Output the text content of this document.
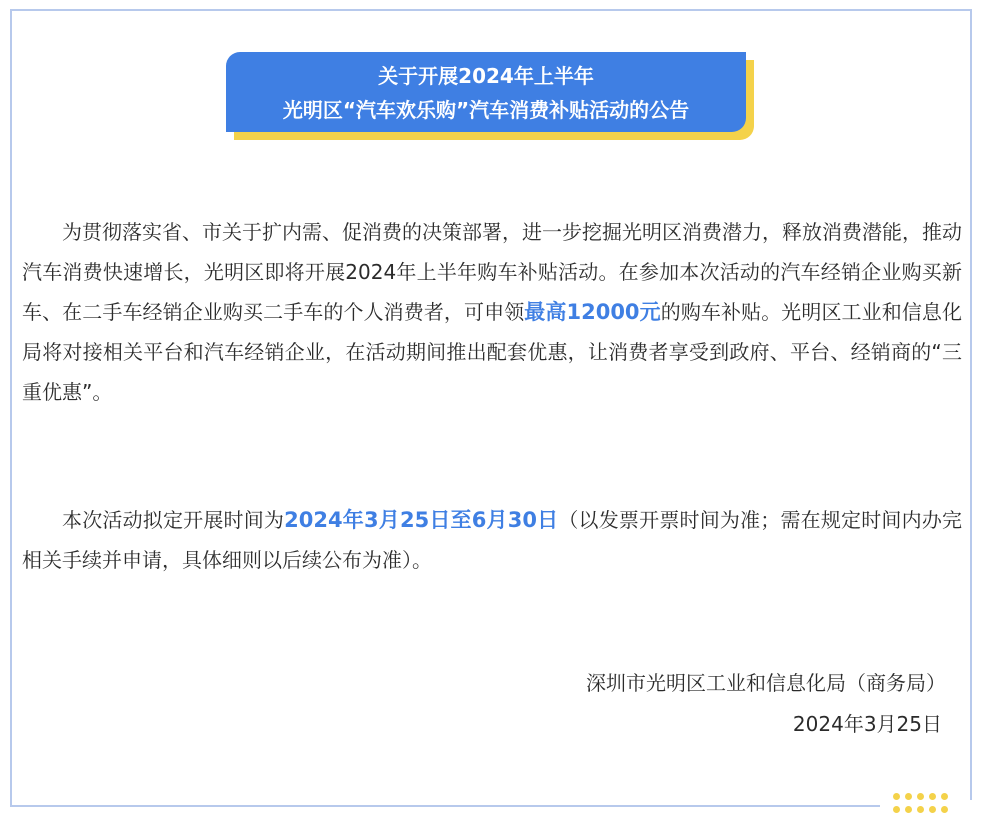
关于开展2024年上半年
光明区“汽车欢乐购”汽车消费补贴活动的公告

为贯彻落实省、市关于扩内需、促消费的决策部署，进一步挖掘光明区消费潜力，释放消费潜能，推动汽车消费快速增长，光明区即将开展2024年上半年购车补贴活动。在参加本次活动的汽车经销企业购买新车、在二手车经销企业购买二手车的个人消费者，可申领最高12000元的购车补贴。光明区工业和信息化局将对接相关平台和汽车经销企业，在活动期间推出配套优惠，让消费者享受到政府、平台、经销商的“三重优惠”。

本次活动拟定开展时间为2024年3月25日至6月30日（以发票开票时间为准；需在规定时间内办完相关手续并申请，具体细则以后续公布为准）。

深圳市光明区工业和信息化局（商务局）
2024年3月25日
